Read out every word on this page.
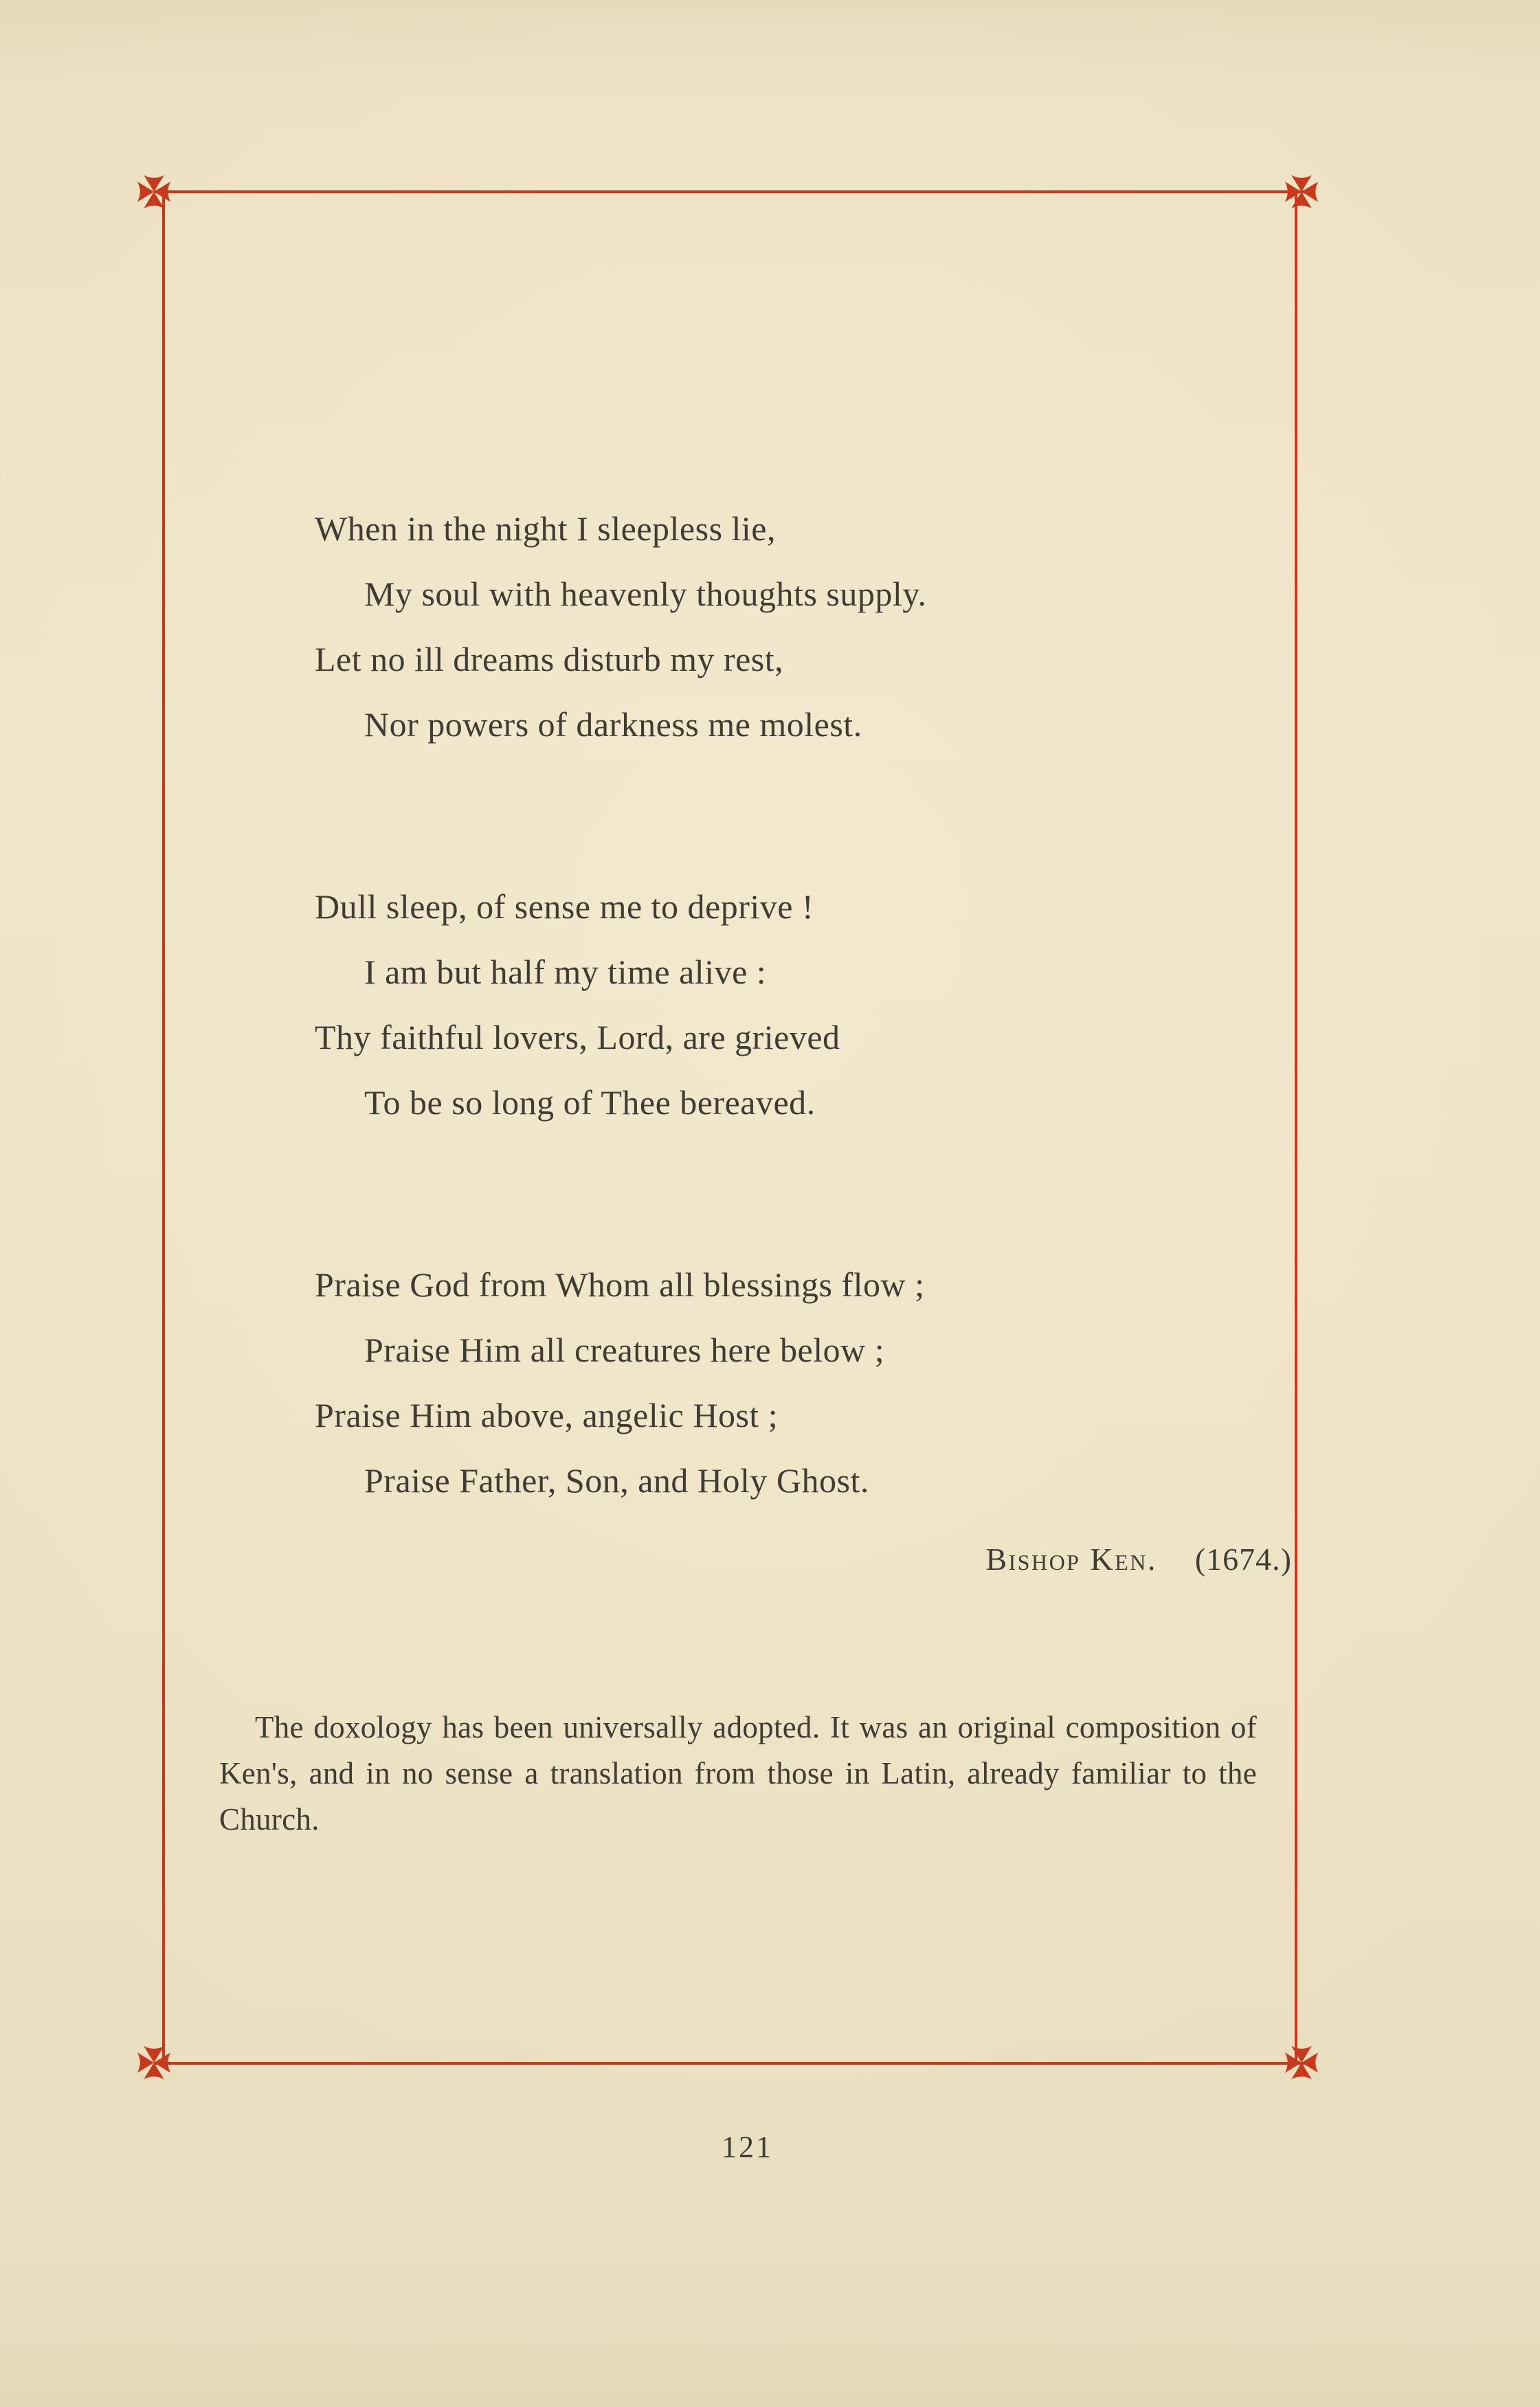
When in the night I sleepless lie,
My soul with heavenly thoughts supply.
Let no ill dreams disturb my rest,
Nor powers of darkness me molest.
Dull sleep, of sense me to deprive !
I am but half my time alive :
Thy faithful lovers, Lord, are grieved
To be so long of Thee bereaved.
Praise God from Whom all blessings flow ;
Praise Him all creatures here below ;
Praise Him above, angelic Host ;
Praise Father, Son, and Holy Ghost.
Bishop Ken. (1674.)

The doxology has been universally adopted. It was an original composition of Ken's, and in no sense a translation from those in Latin, already familiar to the Church.

121
